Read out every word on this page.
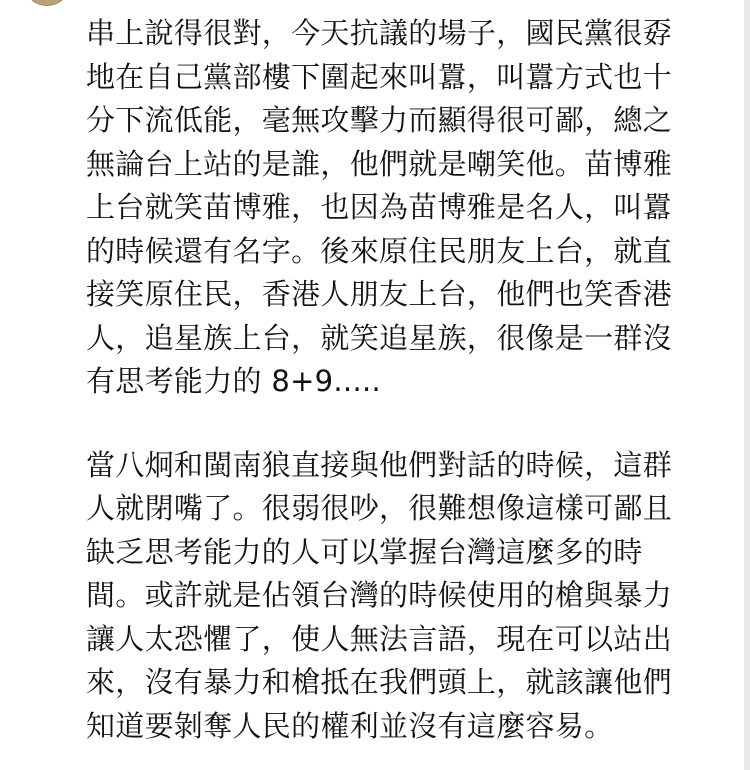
串上說得很對，今天抗議的場子，國民黨很孬
地在自己黨部樓下圍起來叫囂，叫囂方式也十
分下流低能，毫無攻擊力而顯得很可鄙，總之
無論台上站的是誰，他們就是嘲笑他。苗博雅
上台就笑苗博雅，也因為苗博雅是名人，叫囂
的時候還有名字。後來原住民朋友上台，就直
接笑原住民，香港人朋友上台，他們也笑香港
人，追星族上台，就笑追星族，很像是一群沒
有思考能力的 8+9.....

當八炯和閩南狼直接與他們對話的時候，這群
人就閉嘴了。很弱很吵，很難想像這樣可鄙且
缺乏思考能力的人可以掌握台灣這麼多的時
間。或許就是佔領台灣的時候使用的槍與暴力
讓人太恐懼了，使人無法言語，現在可以站出
來，沒有暴力和槍抵在我們頭上，就該讓他們
知道要剝奪人民的權利並沒有這麼容易。
